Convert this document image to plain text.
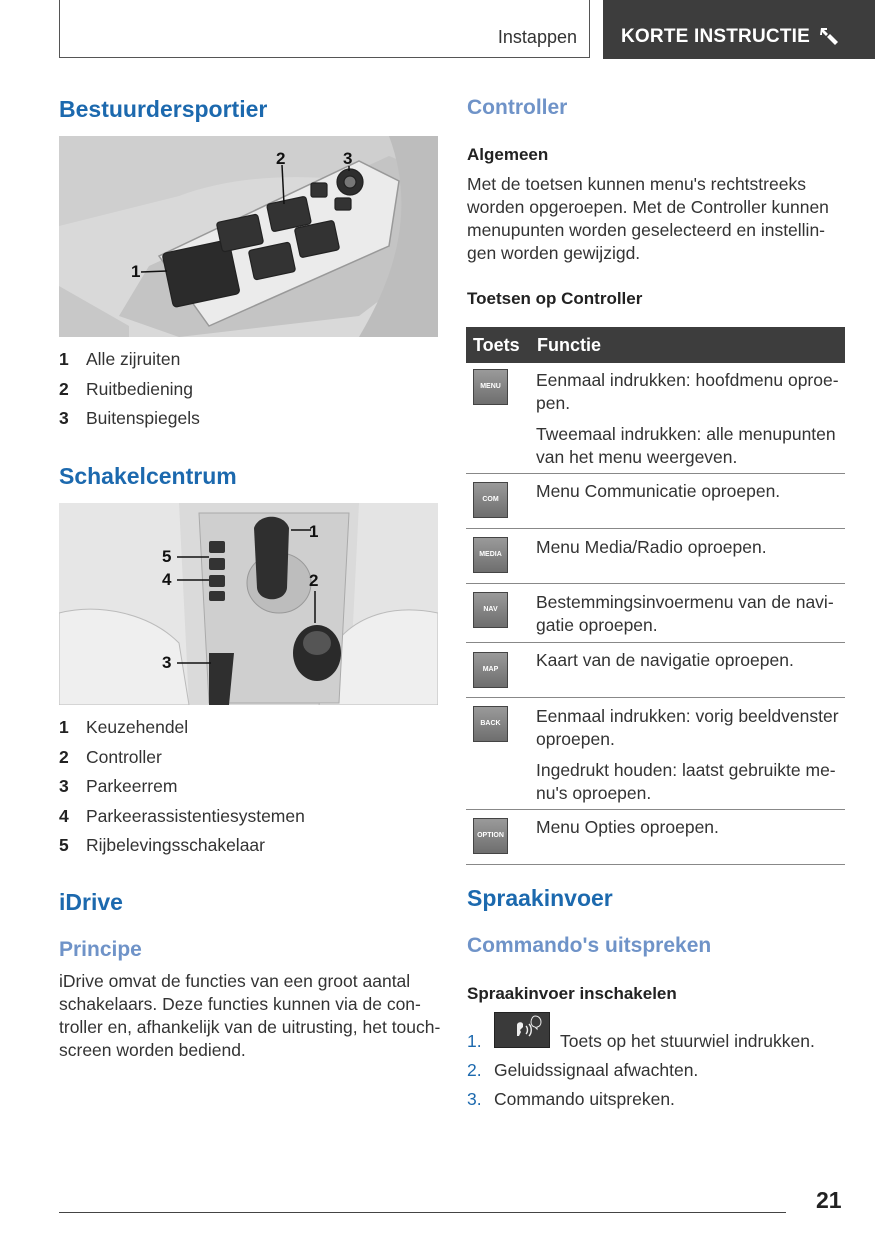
Instappen KORTE INSTRUCTIE
Bestuurdersportier
1
2	3
1 Alle zijruiten
2 Ruitbediening
3 Buitenspiegels
Schakelcentrum
1
2
3
4
5
1 Keuzehendel
2 Controller
3 Parkeerrem
4 Parkeerassistentiesystemen
5 Rijbelevingsschakelaar
iDrive
Principe
iDrive omvat de functies van een groot aantal
schakelaars. Deze functies kunnen via de con-
troller en, afhankelijk van de uitrusting, het touch-
screen worden bediend.
Controller
Algemeen
Met de toetsen kunnen menu's rechtstreeks
worden opgeroepen. Met de Controller kunnen
menupunten worden geselecteerd en instellin-
gen worden gewijzigd.
Toetsen op Controller
Toets Functie
MENU	Eenmaal indrukken: hoofdmenu oproe-
pen.

Tweemaal indrukken: alle menupunten
van het menu weergeven.

COM	Menu Communicatie oproepen.

MEDIA	Menu Media/Radio oproepen.

NAV	Bestemmingsinvoermenu van de navi-
gatie oproepen.

MAP	Kaart van de navigatie oproepen.

BACK	Eenmaal indrukken: vorig beeldvenster
oproepen.

Ingedrukt houden: laatst gebruikte me-
nu's oproepen.

OPTION Menu Opties oproepen.

Spraakinvoer
Commando's uitspreken
Spraakinvoer inschakelen
1.	Toets op het stuurwiel indrukken.
2. Geluidssignaal afwachten.
3. Commando uitspreken.
21
